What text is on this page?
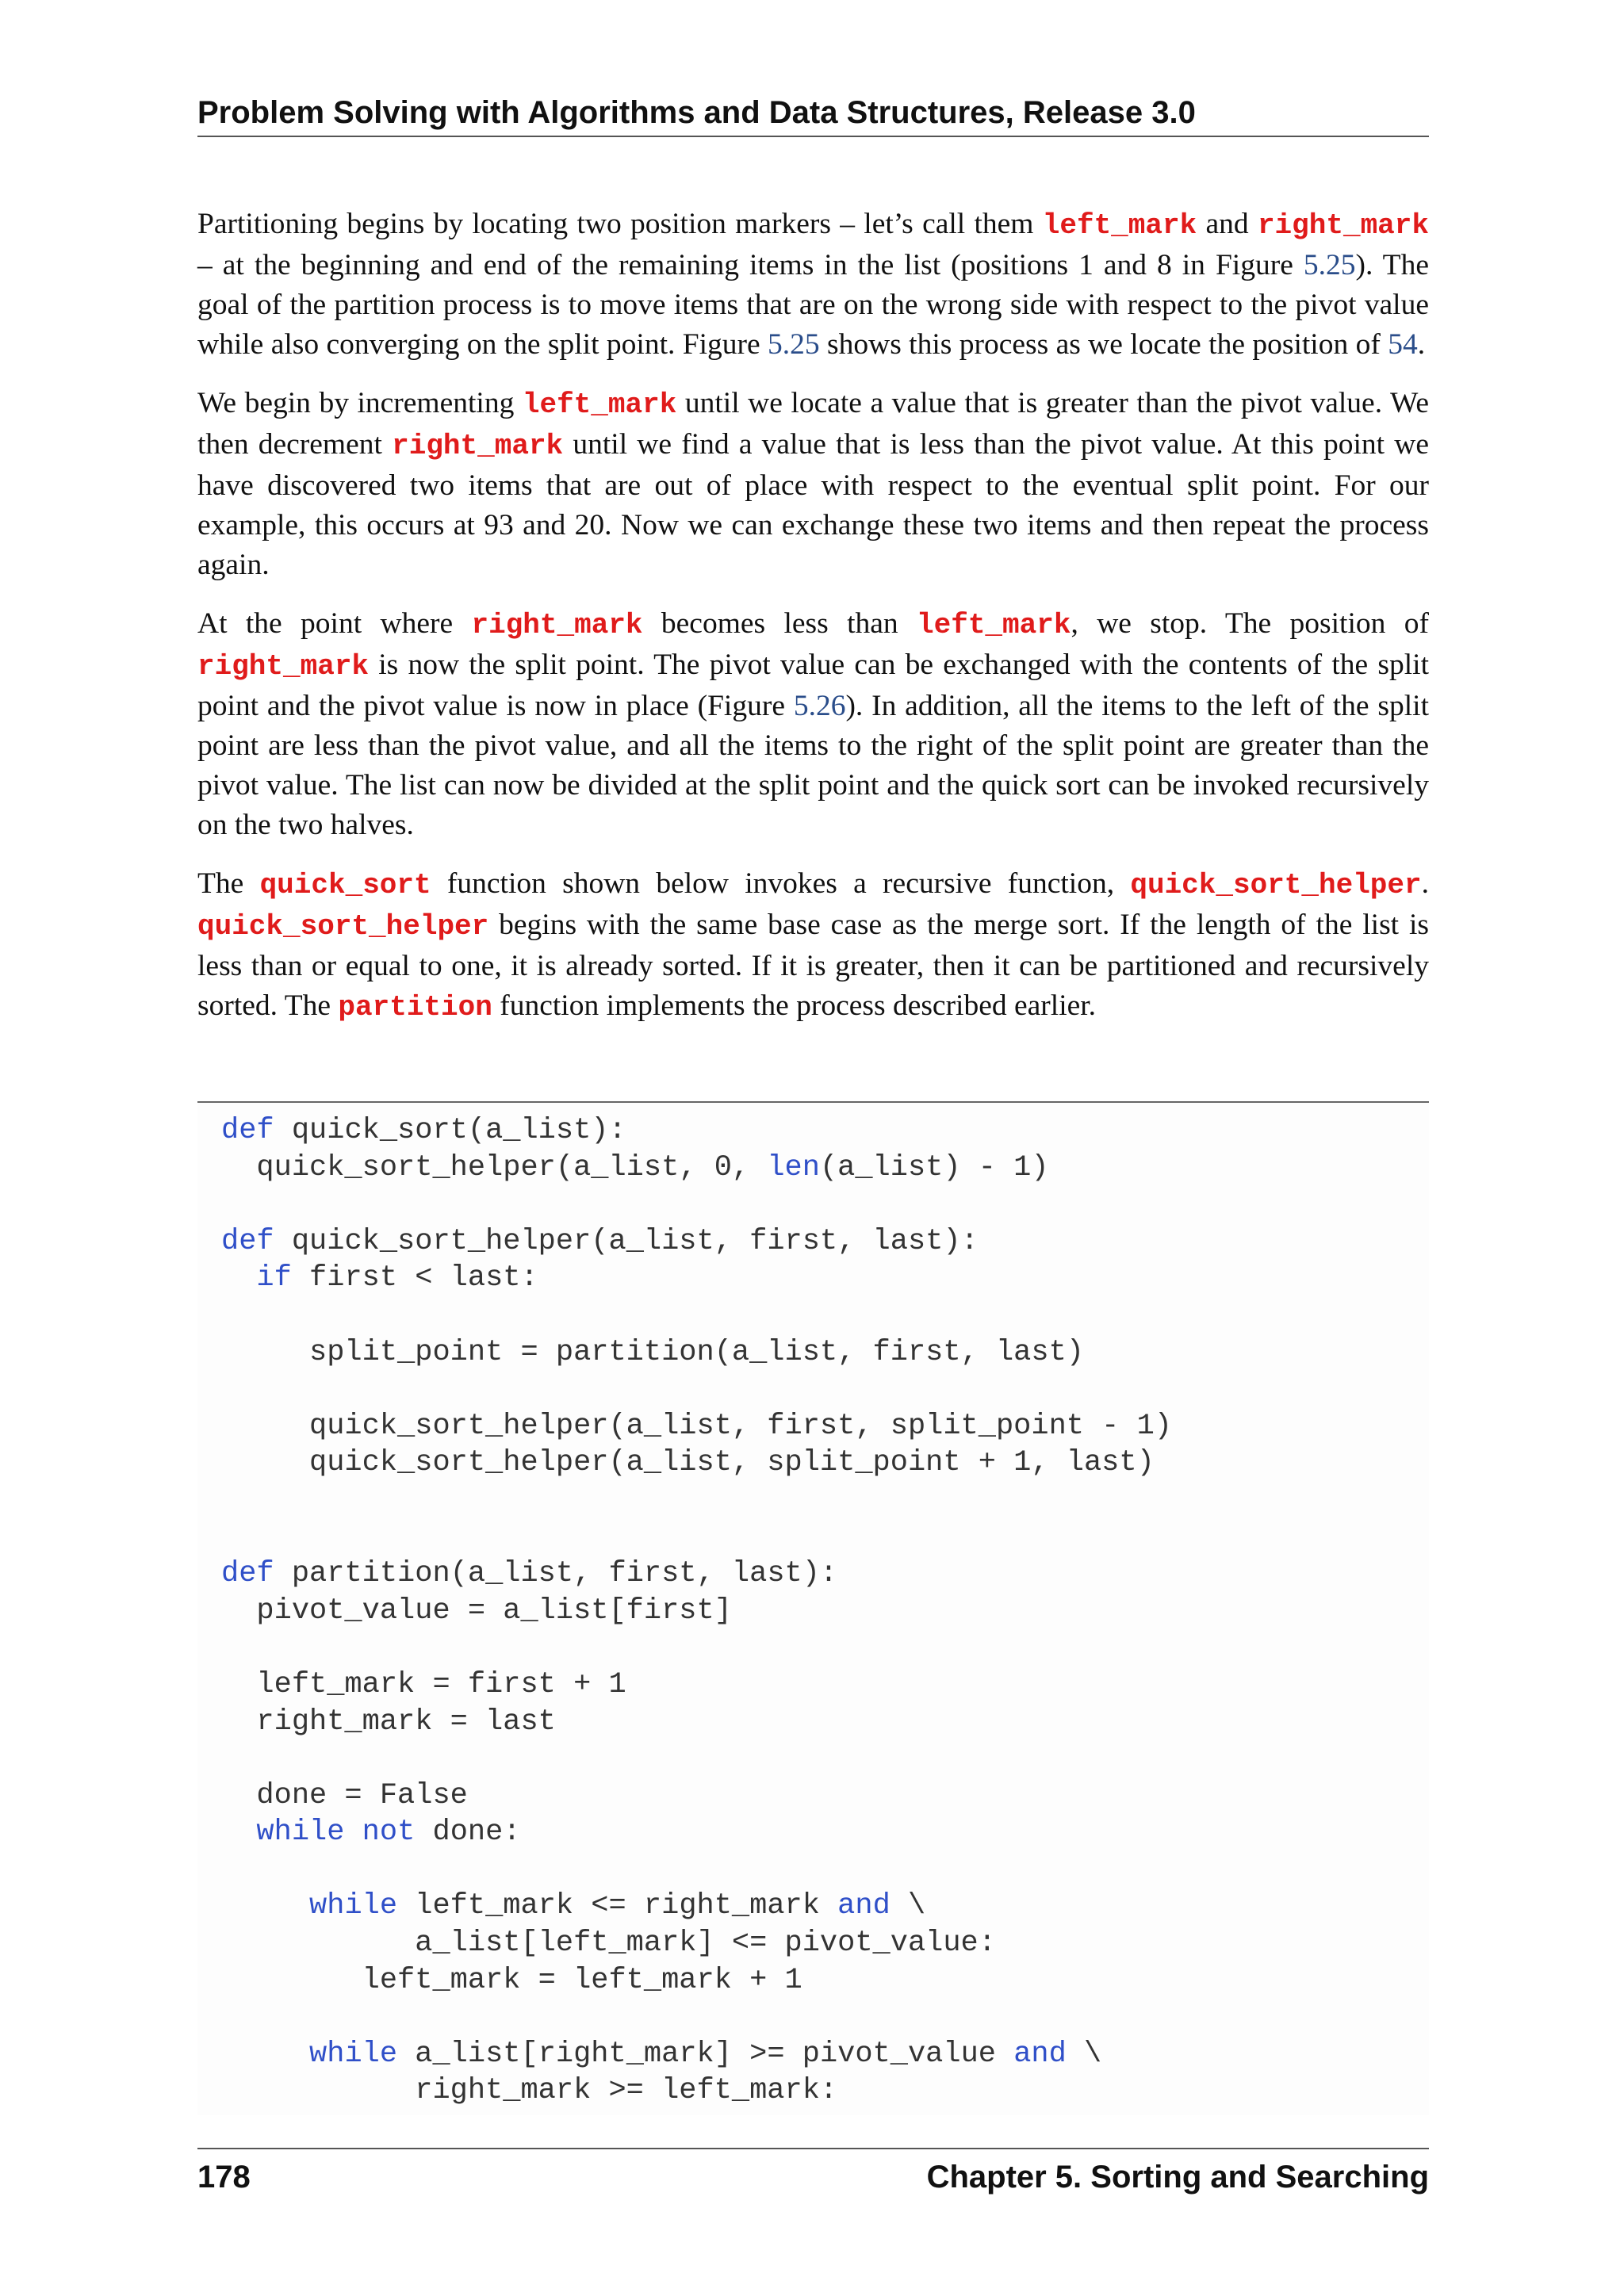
Problem Solving with Algorithms and Data Structures, Release 3.0

Partitioning begins by locating two position markers – let’s call them left_mark and right_mark – at the beginning and end of the remaining items in the list (positions 1 and 8 in Figure 5.25). The goal of the partition process is to move items that are on the wrong side with respect to the pivot value while also converging on the split point. Figure 5.25 shows this process as we locate the position of 54.

We begin by incrementing left_mark until we locate a value that is greater than the pivot value. We then decrement right_mark until we find a value that is less than the pivot value. At this point we have discovered two items that are out of place with respect to the eventual split point. For our example, this occurs at 93 and 20. Now we can exchange these two items and then repeat the process again.

At the point where right_mark becomes less than left_mark, we stop. The position of right_mark is now the split point. The pivot value can be exchanged with the contents of the split point and the pivot value is now in place (Figure 5.26). In addition, all the items to the left of the split point are less than the pivot value, and all the items to the right of the split point are greater than the pivot value. The list can now be divided at the split point and the quick sort can be invoked recursively on the two halves.

The quick_sort function shown below invokes a recursive function, quick_sort_helper. quick_sort_helper begins with the same base case as the merge sort. If the length of the list is less than or equal to one, it is already sorted. If it is greater, then it can be partitioned and recursively sorted. The partition function implements the process described earlier.

def quick_sort(a_list):
quick_sort_helper(a_list, 0, len(a_list) - 1)
def quick_sort_helper(a_list, first, last):
if first < last:
split_point = partition(a_list, first, last)
quick_sort_helper(a_list, first, split_point - 1)
quick_sort_helper(a_list, split_point + 1, last)
def partition(a_list, first, last):
pivot_value = a_list[first]
left_mark = first + 1
right_mark = last
done = False
while not done:
while left_mark <= right_mark and \
a_list[left_mark] <= pivot_value:
left_mark = left_mark + 1
while a_list[right_mark] >= pivot_value and \
right_mark >= left_mark:
178	Chapter 5. Sorting and Searching
